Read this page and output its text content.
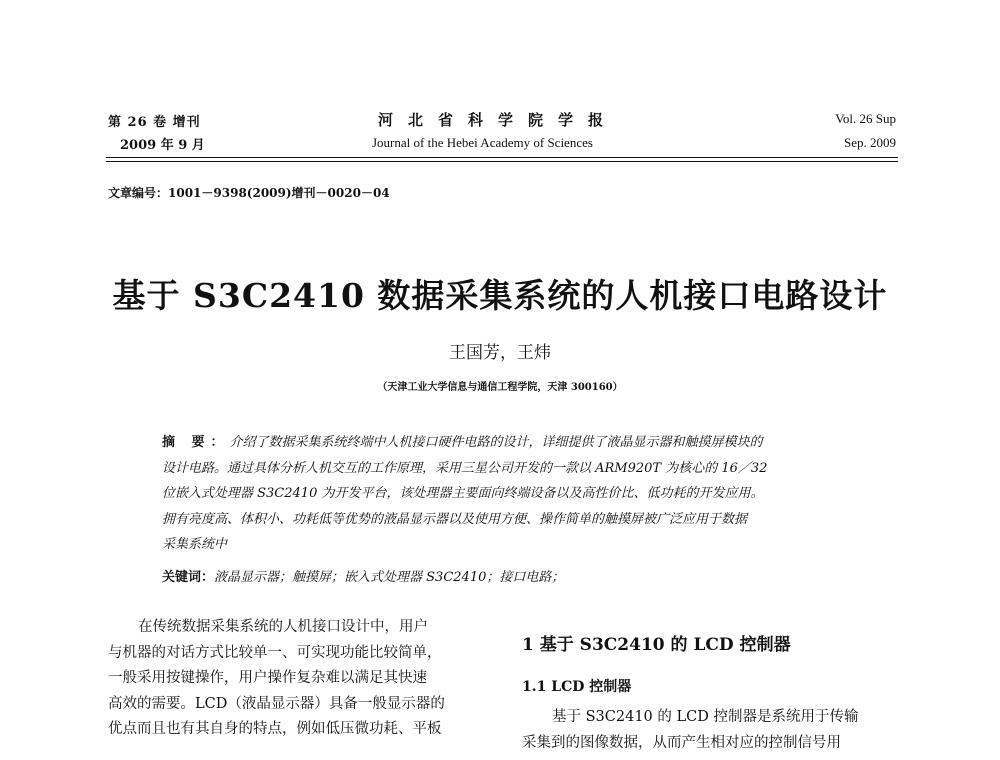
第 26 卷 增刊
2009 年 9 月
河北省科学院学报
Journal of the Hebei Academy of Sciences
Vol. 26 Sup
Sep. 2009
文章编号：1001－9398(2009)增刊－0020－04
基于 S3C2410 数据采集系统的人机接口电路设计
王国芳，王炜
（天津工业大学信息与通信工程学院，天津 300160）
摘 要：介绍了数据采集系统终端中人机接口硬件电路的设计，详细提供了液晶显示器和触摸屏模块的
设计电路。通过具体分析人机交互的工作原理，采用三星公司开发的一款以 ARM920T 为核心的 16／32
位嵌入式处理器 S3C2410 为开发平台，该处理器主要面向终端设备以及高性价比、低功耗的开发应用。
拥有亮度高、体积小、功耗低等优势的液晶显示器以及使用方便、操作简单的触摸屏被广泛应用于数据
采集系统中
关键词：液晶显示器；触摸屏；嵌入式处理器 S3C2410；接口电路；
在传统数据采集系统的人机接口设计中，用户
与机器的对话方式比较单一、可实现功能比较简单，
一般采用按键操作，用户操作复杂难以满足其快速
高效的需要。LCD（液晶显示器）具备一般显示器的
优点而且也有其自身的特点，例如低压微功耗、平板
1 基于 S3C2410 的 LCD 控制器
1.1 LCD 控制器
基于 S3C2410 的 LCD 控制器是系统用于传输
采集到的图像数据，从而产生相对应的控制信号用
